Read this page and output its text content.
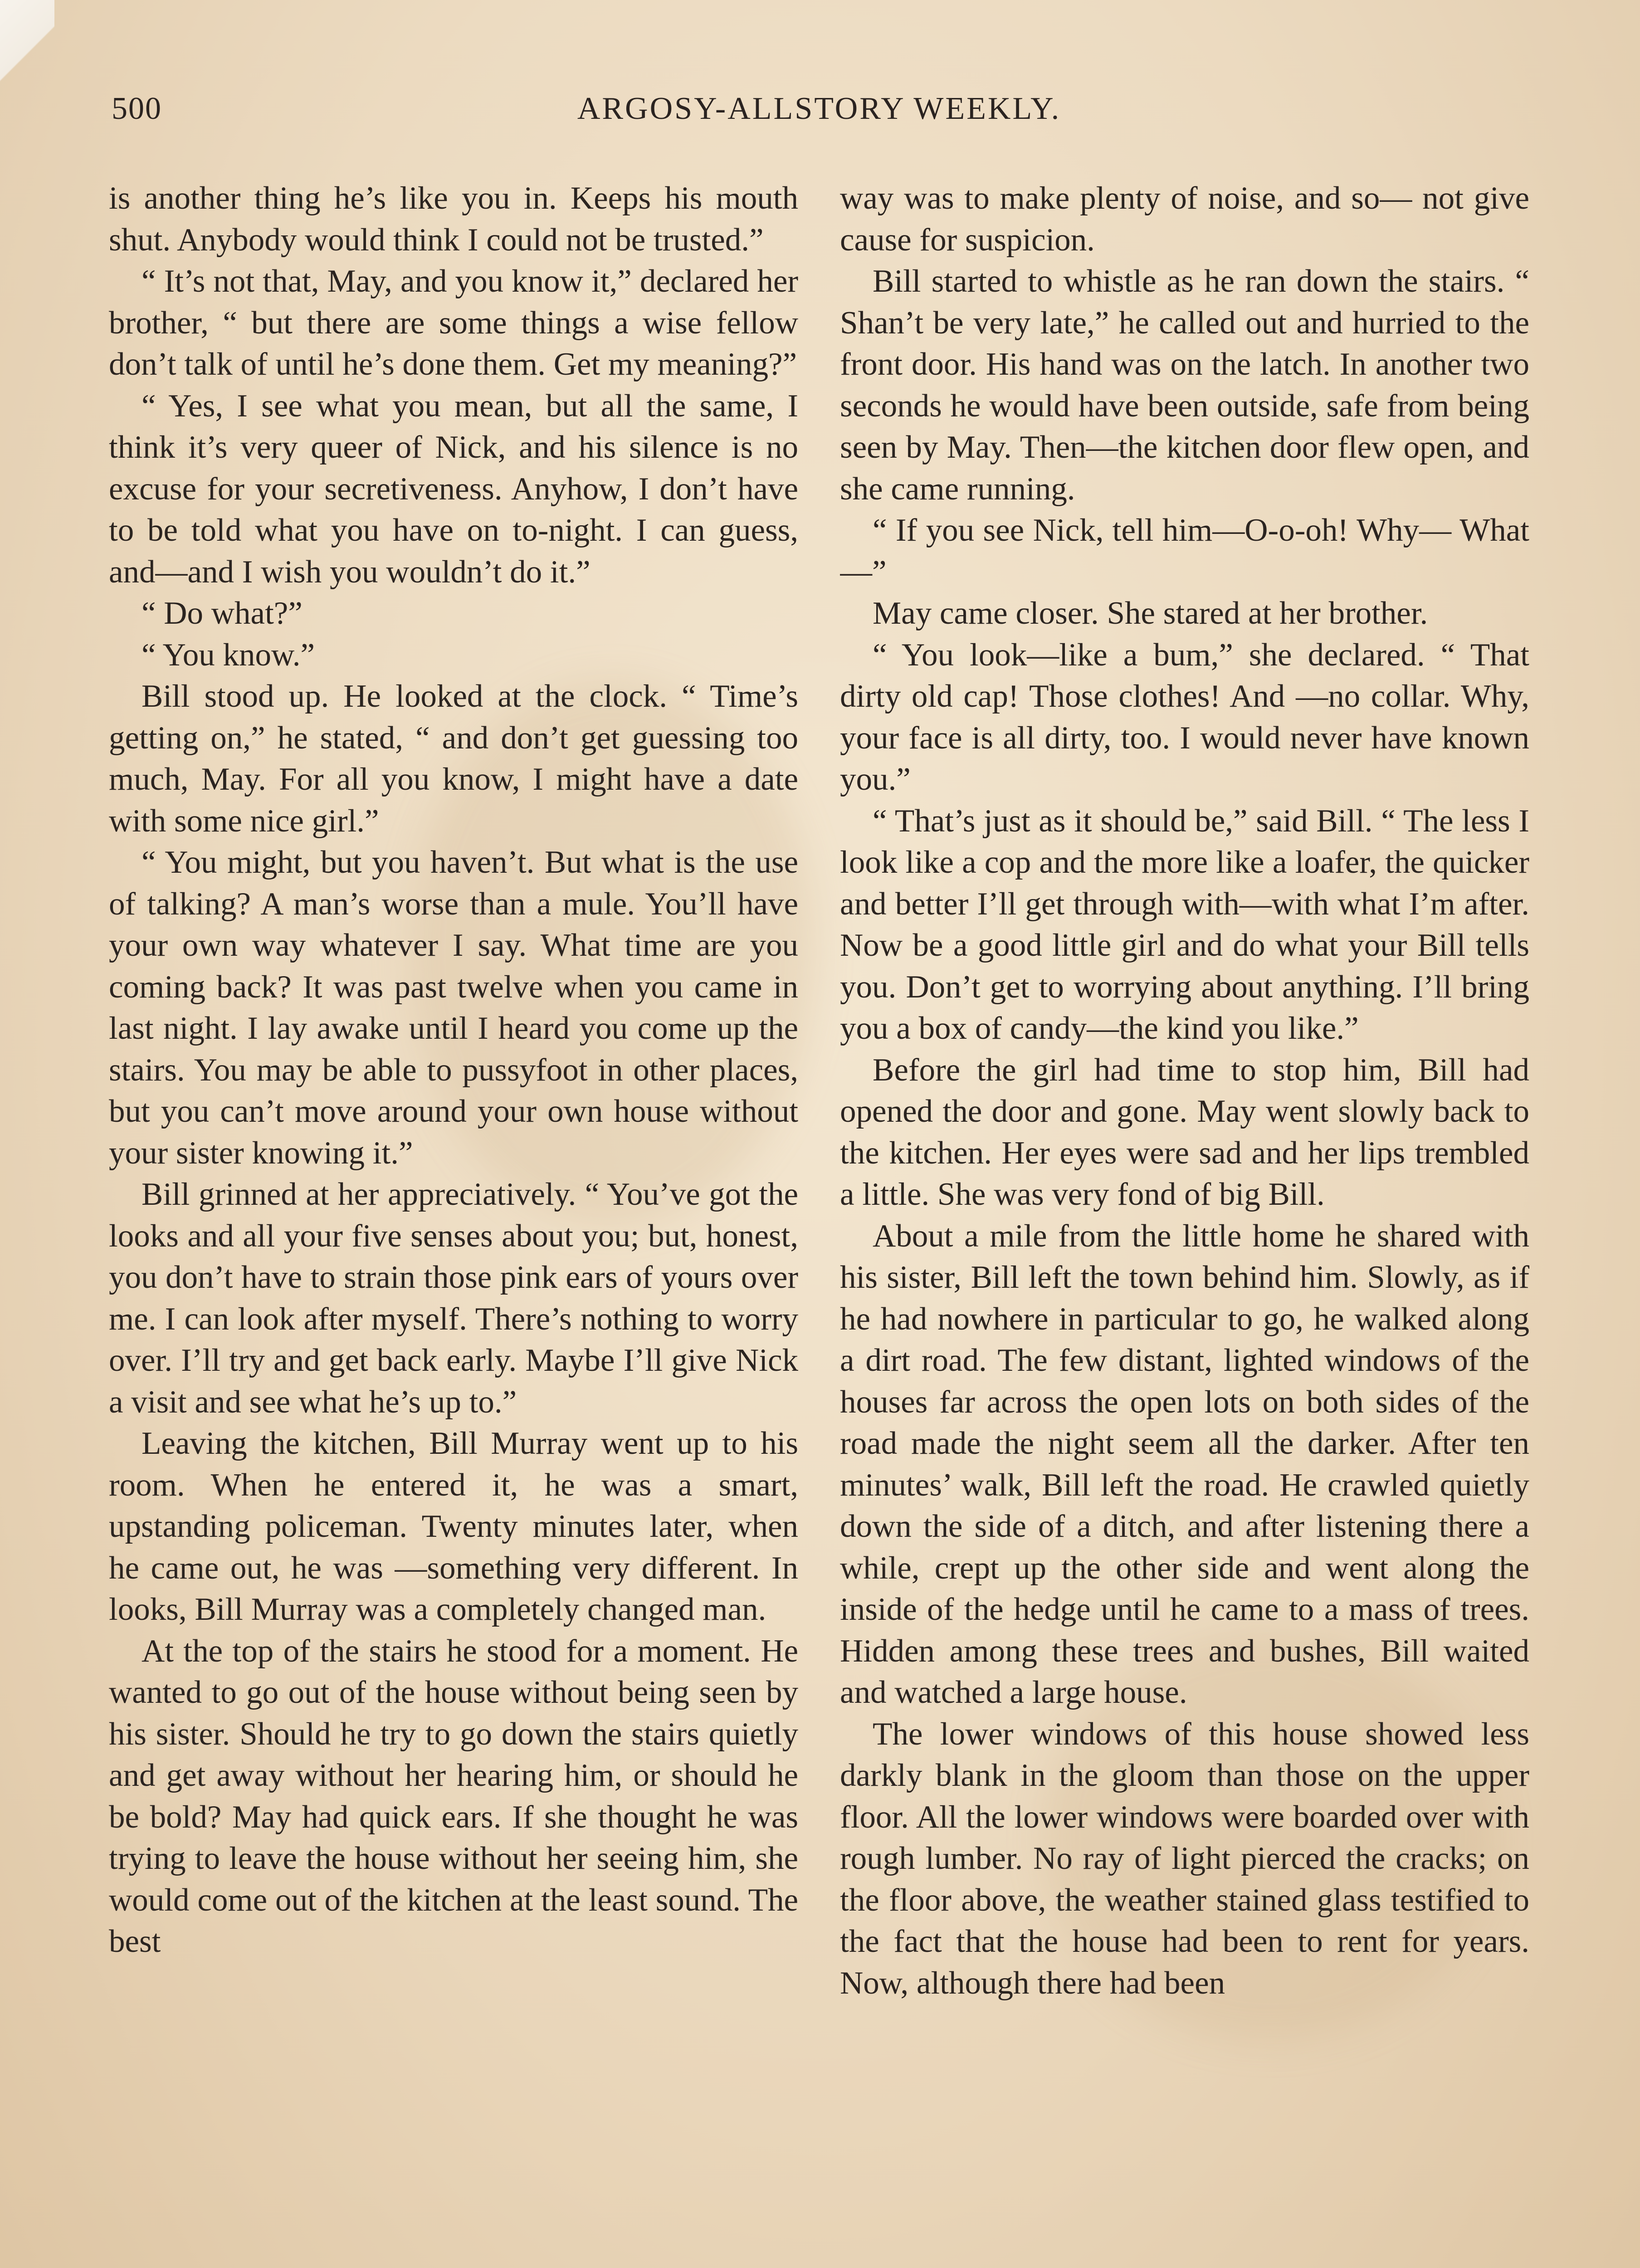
500	ARGOSY-ALLSTORY WEEKLY.

is another thing he’s like you in. Keeps his mouth shut. Anybody would think I could not be trusted.”

“ It’s not that, May, and you know it,” declared her brother, “ but there are some things a wise fellow don’t talk of until he’s done them. Get my meaning?”

“ Yes, I see what you mean, but all the same, I think it’s very queer of Nick, and his silence is no excuse for your secretiveness. Anyhow, I don’t have to be told what you have on to-night. I can guess, and—and I wish you wouldn’t do it.”

“ Do what?”

“ You know.”

Bill stood up. He looked at the clock. “ Time’s getting on,” he stated, “ and don’t get guessing too much, May. For all you know, I might have a date with some nice girl.”

“ You might, but you haven’t. But what is the use of talking? A man’s worse than a mule. You’ll have your own way whatever I say. What time are you coming back? It was past twelve when you came in last night. I lay awake until I heard you come up the stairs. You may be able to pussyfoot in other places, but you can’t move around your own house without your sister knowing it.”

Bill grinned at her appreciatively. “ You’ve got the looks and all your five senses about you; but, honest, you don’t have to strain those pink ears of yours over me. I can look after myself. There’s nothing to worry over. I’ll try and get back early. Maybe I’ll give Nick a visit and see what he’s up to.”

Leaving the kitchen, Bill Murray went up to his room. When he entered it, he was a smart, upstanding policeman. Twenty minutes later, when he came out, he was —something very different. In looks, Bill Murray was a completely changed man.

At the top of the stairs he stood for a moment. He wanted to go out of the house without being seen by his sister. Should he try to go down the stairs quietly and get away without her hearing him, or should he be bold? May had quick ears. If she thought he was trying to leave the house without her seeing him, she would come out of the kitchen at the least sound. The best

way was to make plenty of noise, and so— not give cause for suspicion.

Bill started to whistle as he ran down the stairs. “ Shan’t be very late,” he called out and hurried to the front door. His hand was on the latch. In another two seconds he would have been outside, safe from being seen by May. Then—the kitchen door flew open, and she came running.

“ If you see Nick, tell him—O-o-oh! Why— What—”

May came closer. She stared at her brother.

“ You look—like a bum,” she declared. “ That dirty old cap! Those clothes! And —no collar. Why, your face is all dirty, too. I would never have known you.”

“ That’s just as it should be,” said Bill. “ The less I look like a cop and the more like a loafer, the quicker and better I’ll get through with—with what I’m after. Now be a good little girl and do what your Bill tells you. Don’t get to worrying about anything. I’ll bring you a box of candy—the kind you like.”

Before the girl had time to stop him, Bill had opened the door and gone. May went slowly back to the kitchen. Her eyes were sad and her lips trembled a little. She was very fond of big Bill.

About a mile from the little home he shared with his sister, Bill left the town behind him. Slowly, as if he had nowhere in particular to go, he walked along a dirt road. The few distant, lighted windows of the houses far across the open lots on both sides of the road made the night seem all the darker. After ten minutes’ walk, Bill left the road. He crawled quietly down the side of a ditch, and after listening there a while, crept up the other side and went along the inside of the hedge until he came to a mass of trees. Hidden among these trees and bushes, Bill waited and watched a large house.

The lower windows of this house showed less darkly blank in the gloom than those on the upper floor. All the lower windows were boarded over with rough lumber. No ray of light pierced the cracks; on the floor above, the weather stained glass testified to the fact that the house had been to rent for years. Now, although there had been
